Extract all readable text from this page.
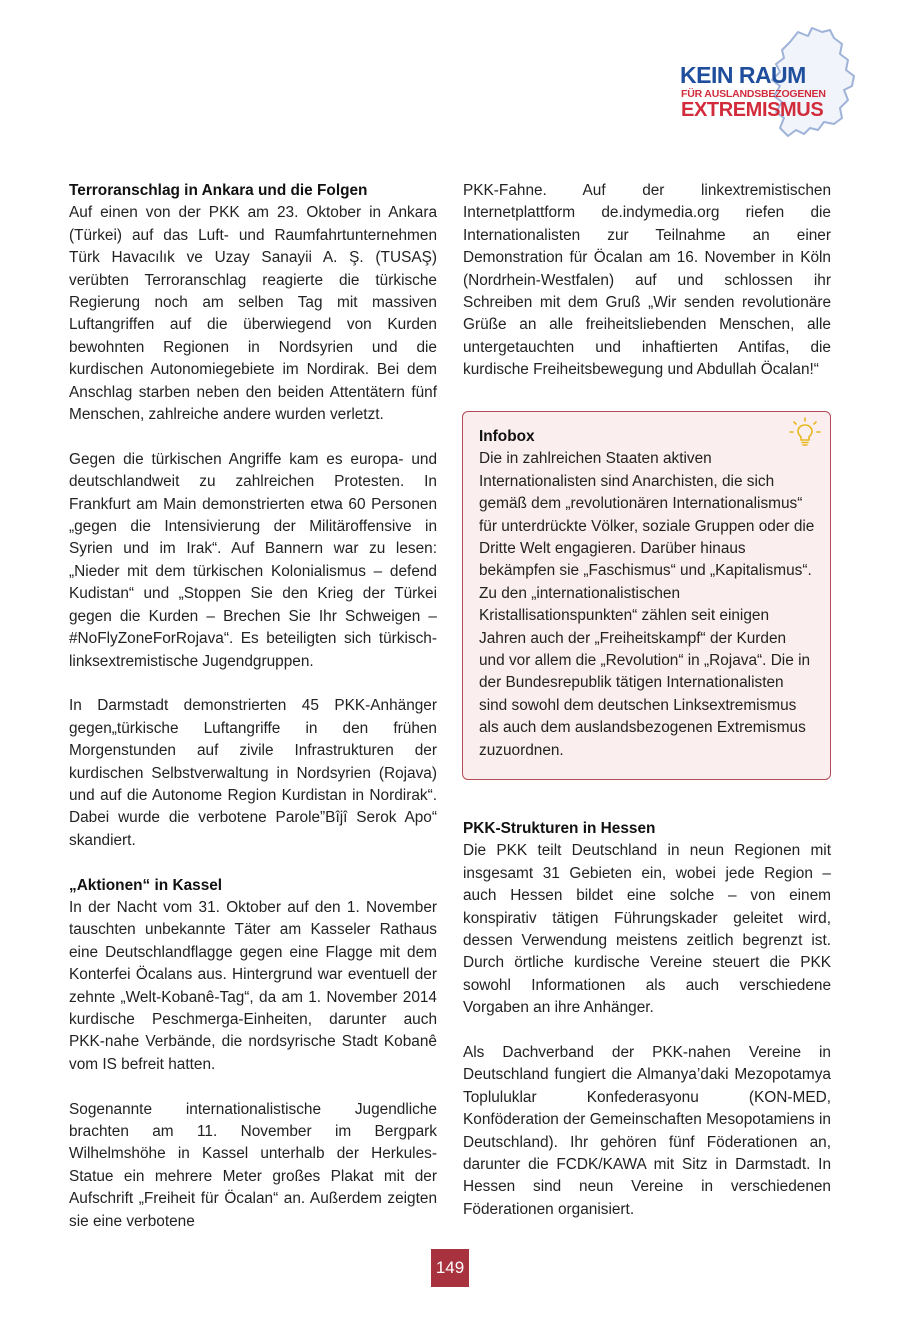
KEIN RAUM
FÜR AUSLANDSBEZOGENEN
EXTREMISMUS
Terroranschlag in Ankara und die Folgen

Auf einen von der PKK am 23. Oktober in Ankara (Türkei) auf das Luft- und Raumfahrtunternehmen Türk Havacılık ve Uzay Sanayii A. Ş. (TUSAŞ) verübten Terroranschlag reagierte die türkische Regierung noch am selben Tag mit massiven Luftangriffen auf die überwiegend von Kurden bewohnten Regionen in Nordsyrien und die kurdischen Autonomiegebiete im Nordirak. Bei dem Anschlag starben neben den beiden Attentätern fünf Menschen, zahlreiche andere wurden verletzt.

Gegen die türkischen Angriffe kam es europa- und deutschlandweit zu zahlreichen Protesten. In Frankfurt am Main demonstrierten etwa 60 Personen „gegen die Intensivierung der Militäroffensive in Syrien und im Irak“. Auf Bannern war zu lesen: „Nieder mit dem türkischen Kolonialismus – defend Kudistan“ und „Stoppen Sie den Krieg der Türkei gegen die Kurden – Brechen Sie Ihr Schweigen – #NoFlyZoneForRojava“. Es beteiligten sich türkisch-linksextremistische Jugendgruppen.

In Darmstadt demonstrierten 45 PKK-Anhänger gegen„türkische Luftangriffe in den frühen Morgenstunden auf zivile Infrastrukturen der kurdischen Selbstverwaltung in Nordsyrien (Rojava) und auf die Autonome Region Kurdistan in Nordirak“. Dabei wurde die verbotene Parole”Bîjî Serok Apo“ skandiert.

„Aktionen“ in Kassel

In der Nacht vom 31. Oktober auf den 1. November tauschten unbekannte Täter am Kasseler Rathaus eine Deutschlandflagge gegen eine Flagge mit dem Konterfei Öcalans aus. Hintergrund war eventuell der zehnte „Welt-Kobanê-Tag“, da am 1. November 2014 kurdische Peschmerga-Einheiten, darunter auch PKK-nahe Verbände, die nordsyrische Stadt Kobanê vom IS befreit hatten.

Sogenannte internationalistische Jugendliche brachten am 11. November im Bergpark Wilhelmshöhe in Kassel unterhalb der Herkules-Statue ein mehrere Meter großes Plakat mit der Aufschrift „Freiheit für Öcalan“ an. Außerdem zeigten sie eine verbotene

PKK-Fahne. Auf der linkextremistischen Internetplattform de.indymedia.org riefen die Internationalisten zur Teilnahme an einer Demonstration für Öcalan am 16. November in Köln (Nordrhein-Westfalen) auf und schlossen ihr Schreiben mit dem Gruß „Wir senden revolutionäre Grüße an alle freiheitsliebenden Menschen, alle untergetauchten und inhaftierten Antifas, die kurdische Freiheitsbewegung und Abdullah Öcalan!“

Infobox

Die in zahlreichen Staaten aktiven Internationalisten sind Anarchisten, die sich gemäß dem „revolutionären Internationalismus“ für unterdrückte Völker, soziale Gruppen oder die Dritte Welt engagieren. Darüber hinaus bekämpfen sie „Faschismus“ und „Kapitalismus“. Zu den „internationalistischen Kristallisationspunkten“ zählen seit einigen Jahren auch der „Freiheitskampf“ der Kurden und vor allem die „Revolution“ in „Rojava“. Die in der Bundesrepublik tätigen Internationalisten sind sowohl dem deutschen Linksextremismus als auch dem auslandsbezogenen Extremismus zuzuordnen.

PKK-Strukturen in Hessen

Die PKK teilt Deutschland in neun Regionen mit insgesamt 31 Gebieten ein, wobei jede Region – auch Hessen bildet eine solche – von einem konspirativ tätigen Führungskader geleitet wird, dessen Verwendung meistens zeitlich begrenzt ist. Durch örtliche kurdische Vereine steuert die PKK sowohl Informationen als auch verschiedene Vorgaben an ihre Anhänger.

Als Dachverband der PKK-nahen Vereine in Deutschland fungiert die Almanya’daki Mezopotamya Topluluklar Konfederasyonu (KON-MED, Konföderation der Gemeinschaften Mesopotamiens in Deutschland). Ihr gehören fünf Föderationen an, darunter die FCDK/KAWA mit Sitz in Darmstadt. In Hessen sind neun Vereine in verschiedenen Föderationen organisiert.

149
